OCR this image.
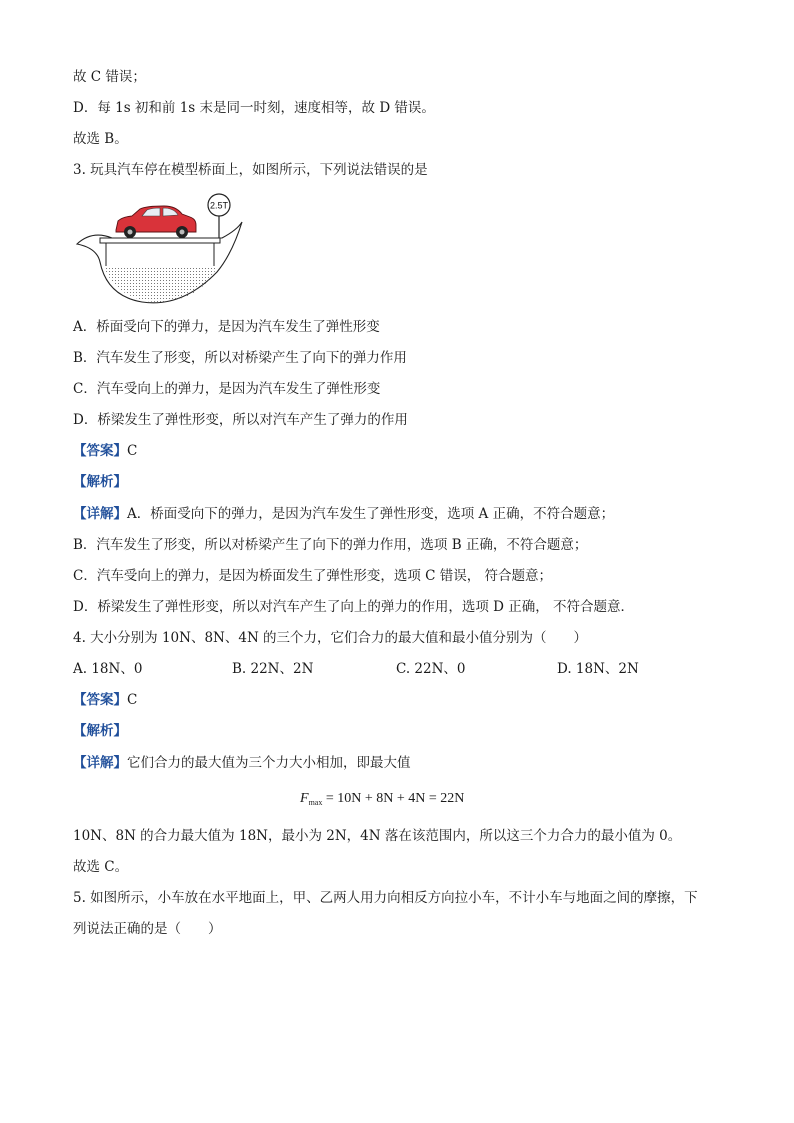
故 C 错误；
D．每 1s 初和前 1s 末是同一时刻，速度相等，故 D 错误。
故选 B。
3. 玩具汽车停在模型桥面上，如图所示，下列说法错误的是
2.5T
A．桥面受向下的弹力，是因为汽车发生了弹性形变
B．汽车发生了形变，所以对桥梁产生了向下的弹力作用
C．汽车受向上的弹力，是因为汽车发生了弹性形变
D．桥梁发生了弹性形变，所以对汽车产生了弹力的作用
【答案】C
【解析】
【详解】A．桥面受向下的弹力，是因为汽车发生了弹性形变，选项 A 正确，不符合题意；
B．汽车发生了形变，所以对桥梁产生了向下的弹力作用，选项 B 正确，不符合题意；
C．汽车受向上的弹力，是因为桥面发生了弹性形变，选项 C 错误， 符合题意；
D．桥梁发生了弹性形变，所以对汽车产生了向上的弹力的作用，选项 D 正确， 不符合题意．
4. 大小分别为 10N、8N、4N 的三个力，它们合力的最大值和最小值分别为（　　）
A. 18N、0	B. 22N、2N	C. 22N、0	D. 18N、2N
【答案】C
【解析】
【详解】它们合力的最大值为三个力大小相加，即最大值
$F_{max} = 10N + 8N + 4N = 22N$
10N、8N 的合力最大值为 18N，最小为 2N，4N 落在该范围内，所以这三个力合力的最小值为 0。
故选 C。
5. 如图所示，小车放在水平地面上，甲、乙两人用力向相反方向拉小车，不计小车与地面之间的摩擦，下
列说法正确的是（　　）
